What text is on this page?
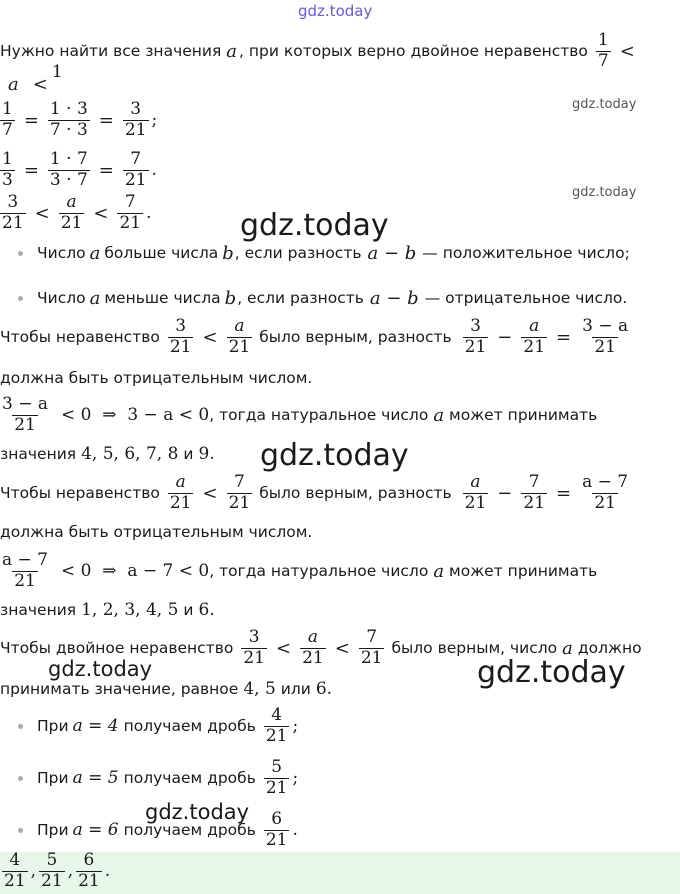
gdz.today
gdz.today
gdz.today
gdz.today
gdz.today
gdz.today	gdz.today
gdz.today
Нужно найти все значения a , при которых верно двойное неравенство $\frac{1}{7}$ <
a <
1
$\frac{1}{7} = \frac{1 \cdot 3}{7 \cdot 3} = \frac{3}{21}$ ;
$\frac{1}{3} = \frac{1 \cdot 7}{3 \cdot 7} = \frac{7}{21}$ .
$\frac{3}{21} < \frac{a}{21} < \frac{7}{21}$ .
Число a больше числа b , если разность a − b — положительное число;
Число a меньше числа b , если разность a − b — отрицательное число.
Чтобы неравенство $\frac{3}{21} < \frac{a}{21}$ было верным, разность $\frac{3}{21} - \frac{a}{21} = \frac{3 - a}{21}$
должна быть отрицательным числом.
$\frac{3 - a}{21} < 0$  ⇒  3 − a < 0 , тогда натуральное число a может принимать
значения 4, 5, 6, 7, 8 и 9.
Чтобы неравенство $\frac{a}{21} < \frac{7}{21}$ было верным, разность $\frac{a}{21} - \frac{7}{21} = \frac{a - 7}{21}$
должна быть отрицательным числом.
$\frac{a - 7}{21} < 0$  ⇒  a − 7 < 0 , тогда натуральное число a может принимать
значения 1, 2, 3, 4, 5 и 6.
Чтобы двойное неравенство $\frac{3}{21} < \frac{a}{21} < \frac{7}{21}$ было верным, число a должно
принимать значение, равное 4, 5 или 6.
При a = 4 получаем дробь $\frac{4}{21}$ ;
При a = 5 получаем дробь $\frac{5}{21}$ ;
При a = 6 получаем дробь $\frac{6}{21}$ .
$\frac{4}{21}$ , $\frac{5}{21}$ , $\frac{6}{21}$ .
